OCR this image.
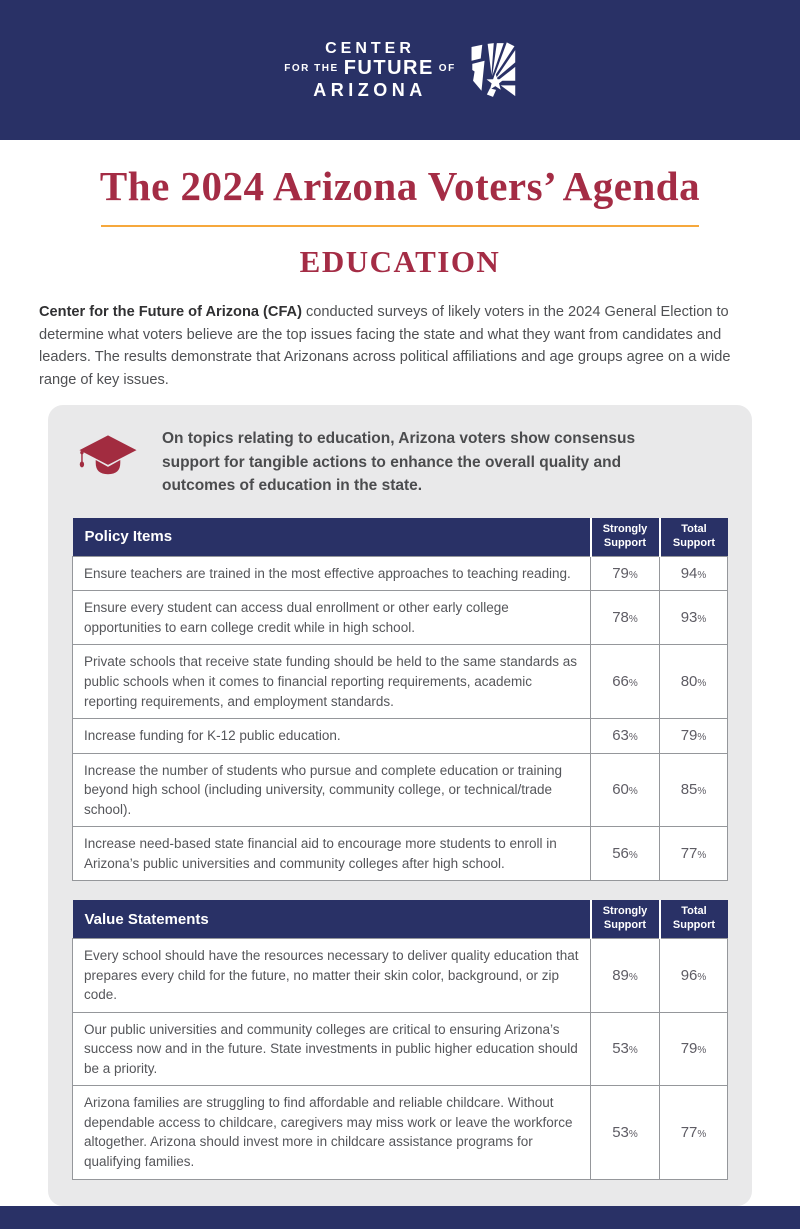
CENTER
FOR THE FUTURE OF
ARIZONA
The 2024 Arizona Voters’ Agenda
EDUCATION

Center for the Future of Arizona (CFA) conducted surveys of likely voters in the 2024 General Election to determine what voters believe are the top issues facing the state and what they want from candidates and leaders. The results demonstrate that Arizonans across political affiliations and age groups agree on a wide range of key issues.

On topics relating to education, Arizona voters show consensus support for tangible actions to enhance the overall quality and outcomes of education in the state.

Policy Items	Strongly Support	Total Support
Ensure teachers are trained in the most effective approaches to teaching reading.	79%	94%
Ensure every student can access dual enrollment or other early college opportunities to earn college credit while in high school.	78%	93%
Private schools that receive state funding should be held to the same standards as public schools when it comes to financial reporting requirements, academic reporting requirements, and employment standards.	66%	80%
Increase funding for K-12 public education.	63%	79%
Increase the number of students who pursue and complete education or training beyond high school (including university, community college, or technical/trade school).	60%	85%
Increase need-based state financial aid to encourage more students to enroll in Arizona’s public universities and community colleges after high school.	56%	77%
Value Statements	Strongly Support	Total Support
Every school should have the resources necessary to deliver quality education that prepares every child for the future, no matter their skin color, background, or zip code.	89%	96%
Our public universities and community colleges are critical to ensuring Arizona’s success now and in the future. State investments in public higher education should be a priority.	53%	79%
Arizona families are struggling to find affordable and reliable childcare. Without dependable access to childcare, caregivers may miss work or leave the workforce altogether. Arizona should invest more in childcare assistance programs for qualifying families.	53%	77%
